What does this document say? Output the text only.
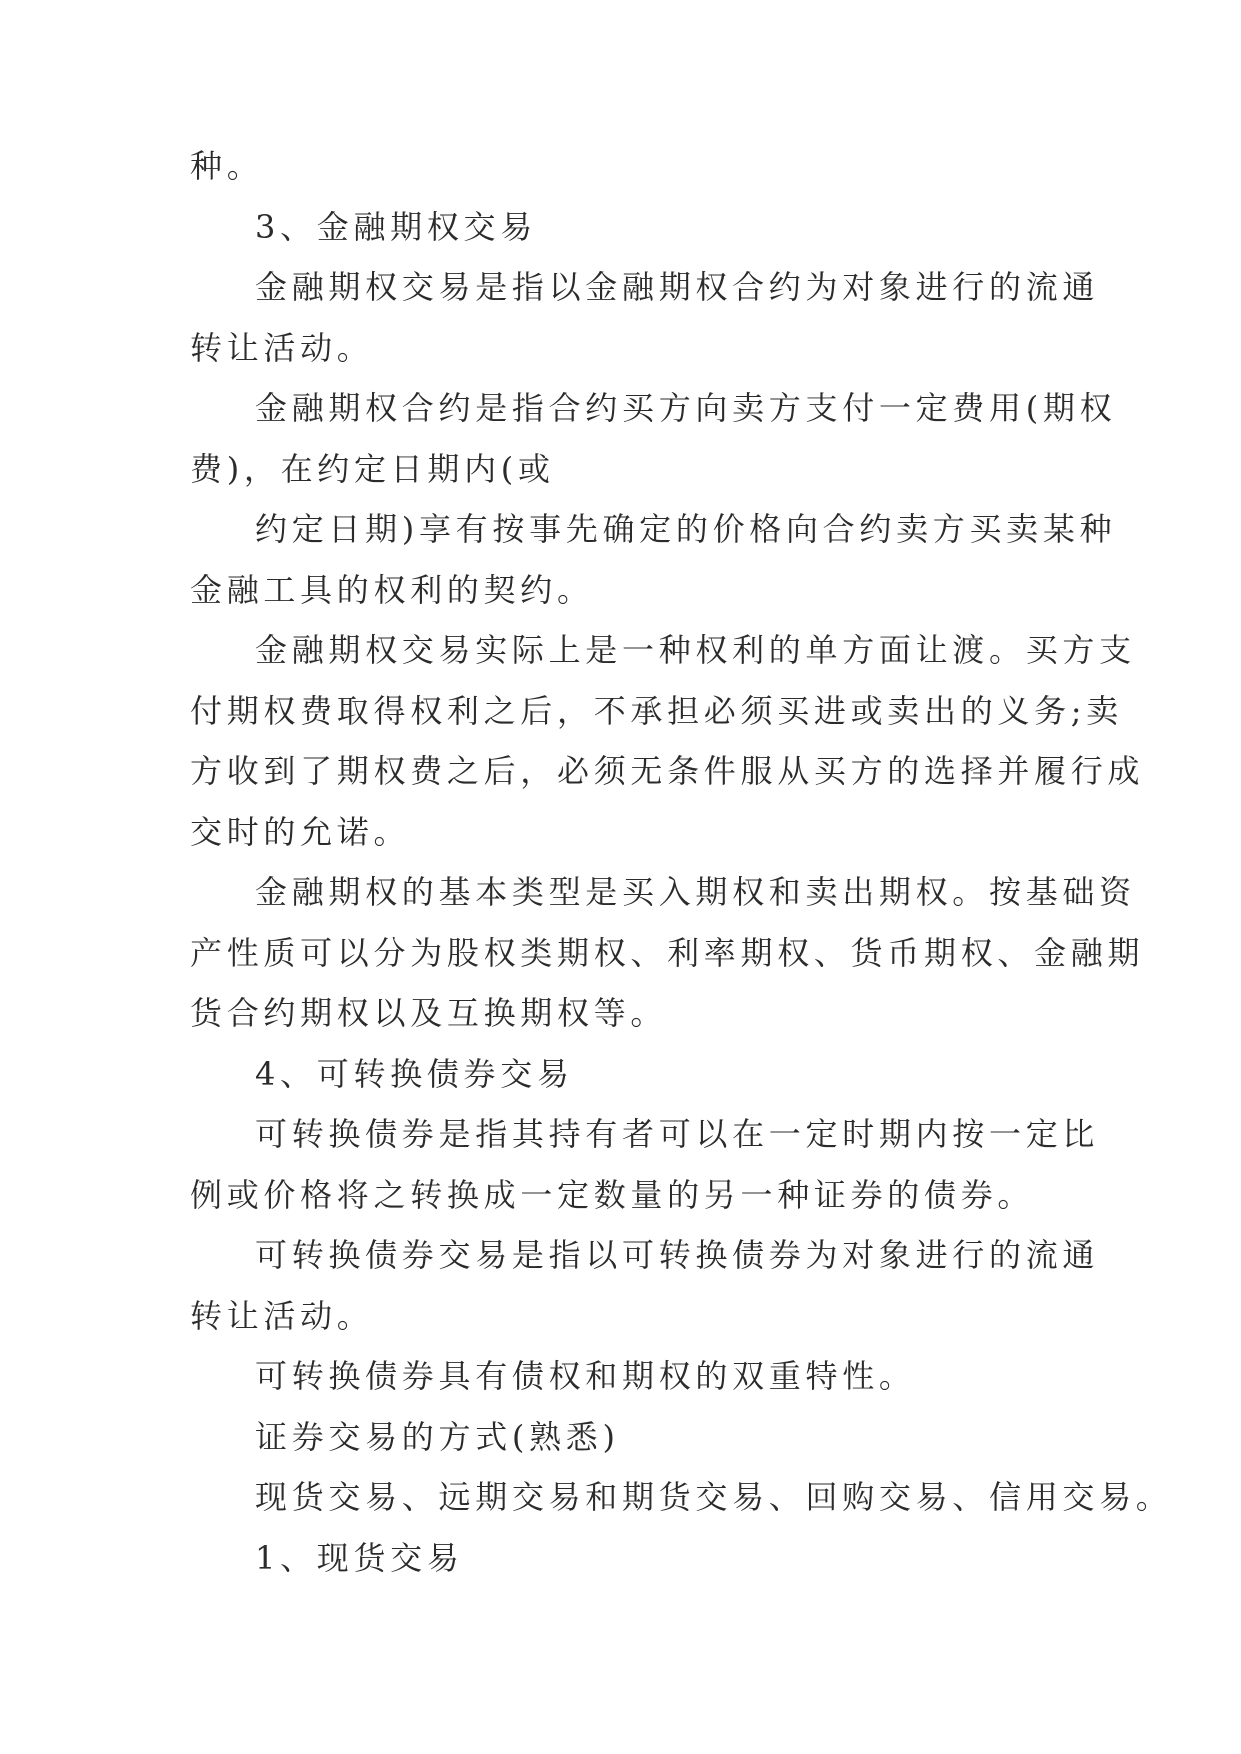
种。
3、金融期权交易
金融期权交易是指以金融期权合约为对象进行的流通
转让活动。
金融期权合约是指合约买方向卖方支付一定费用(期权
费)，在约定日期内(或
约定日期)享有按事先确定的价格向合约卖方买卖某种
金融工具的权利的契约。
金融期权交易实际上是一种权利的单方面让渡。买方支
付期权费取得权利之后，不承担必须买进或卖出的义务;卖
方收到了期权费之后，必须无条件服从买方的选择并履行成
交时的允诺。
金融期权的基本类型是买入期权和卖出期权。按基础资
产性质可以分为股权类期权、利率期权、货币期权、金融期
货合约期权以及互换期权等。
4、可转换债券交易
可转换债券是指其持有者可以在一定时期内按一定比
例或价格将之转换成一定数量的另一种证券的债券。
可转换债券交易是指以可转换债券为对象进行的流通
转让活动。
可转换债券具有债权和期权的双重特性。
证券交易的方式(熟悉)
现货交易、远期交易和期货交易、回购交易、信用交易。
1、现货交易
